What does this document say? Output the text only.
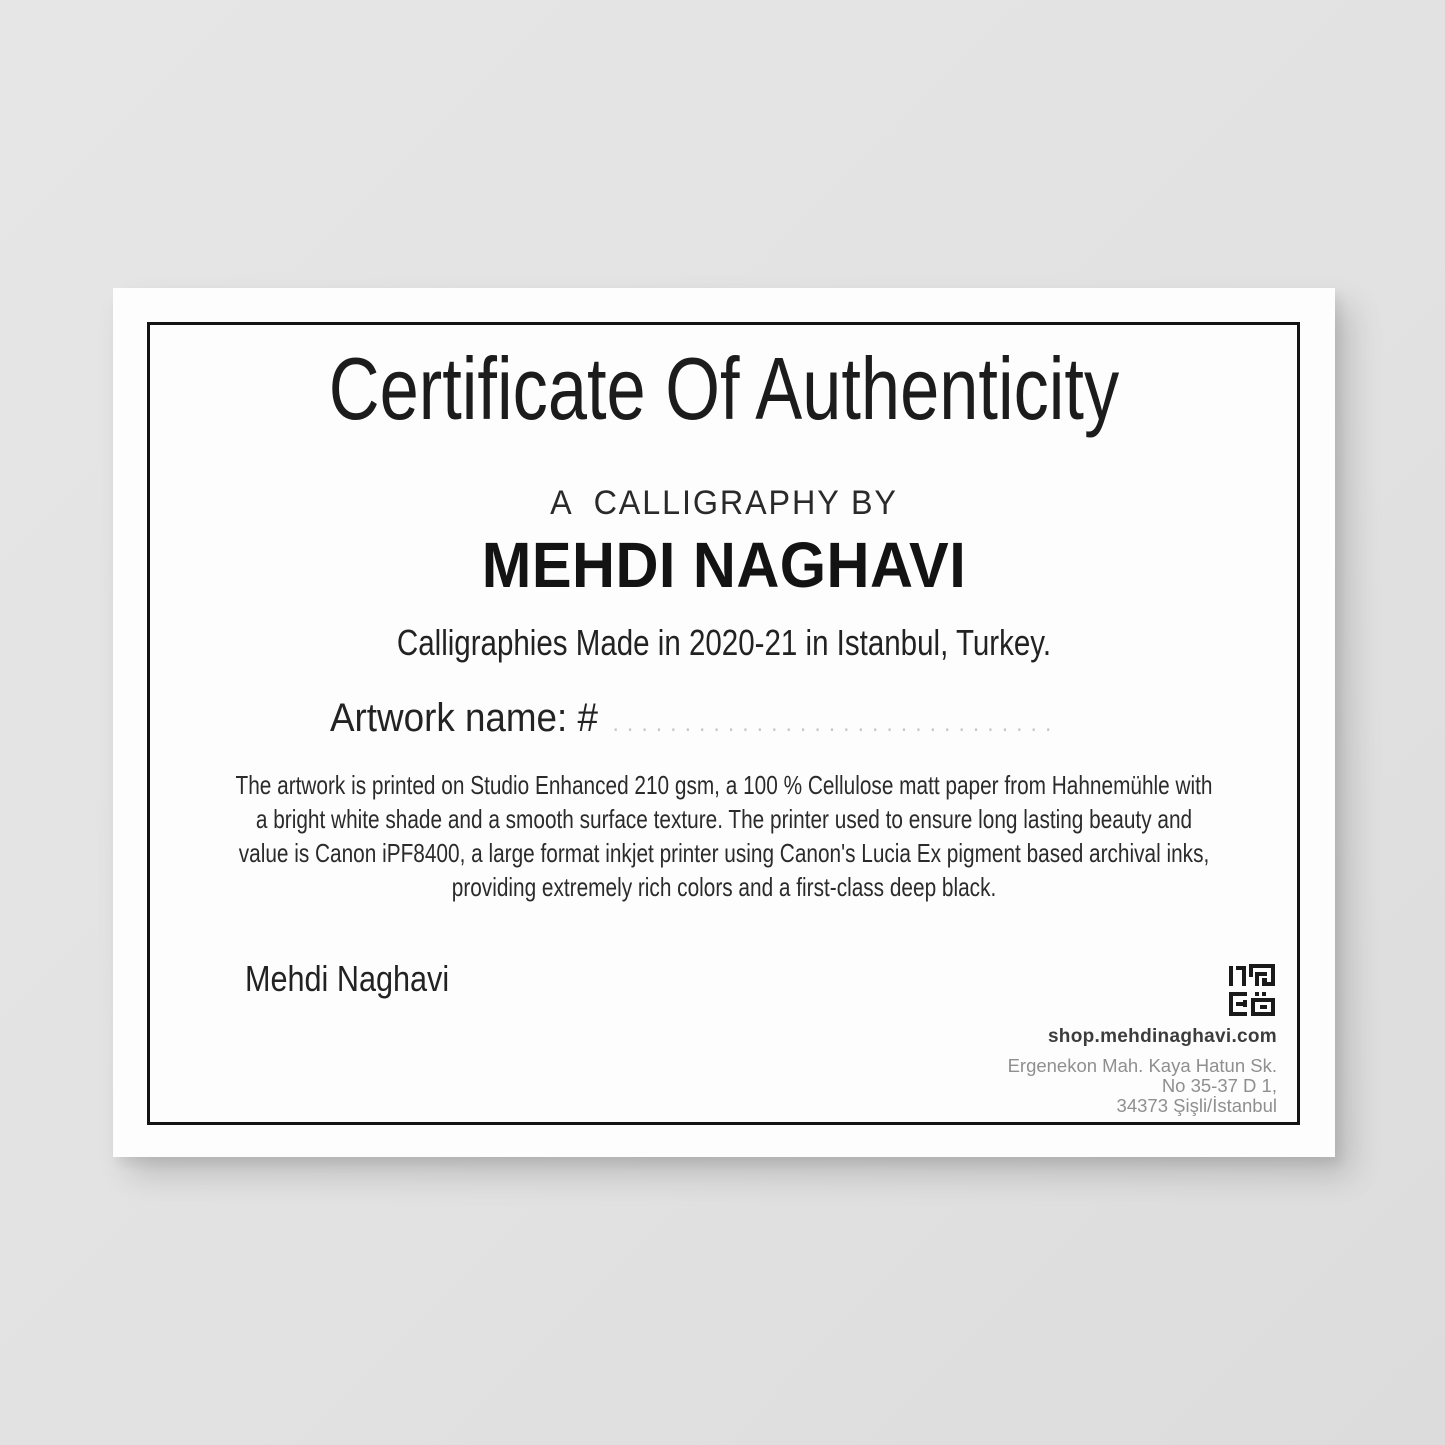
Certificate Of Authenticity
A  CALLIGRAPHY BY
MEHDI NAGHAVI
Calligraphies Made in 2020-21 in Istanbul, Turkey.
Artwork name: # ...............................
The artwork is printed on Studio Enhanced 210 gsm, a 100 % Cellulose matt paper from Hahnemühle with
a bright white shade and a smooth surface texture. The printer used to ensure long lasting beauty and
value is Canon iPF8400, a large format inkjet printer using Canon's Lucia Ex pigment based archival inks,
providing extremely rich colors and a first-class deep black.
Mehdi Naghavi
shop.mehdinaghavi.com
Ergenekon Mah. Kaya Hatun Sk.
No 35-37 D 1,
34373 Şişli/İstanbul
